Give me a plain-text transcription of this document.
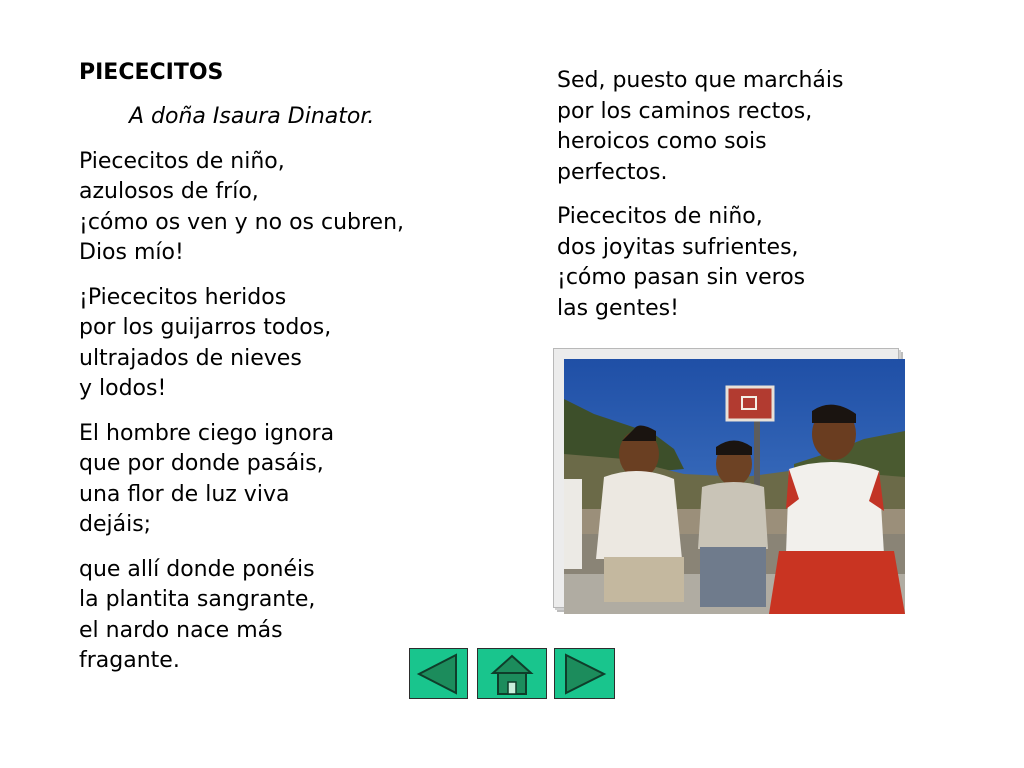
PIECECITOS
A doña Isaura Dinator.
Piececitos de niño,
azulosos de frío,
¡cómo os ven y no os cubren,
Dios mío!
¡Piececitos heridos
por los guijarros todos,
ultrajados de nieves
y lodos!
El hombre ciego ignora
que por donde pasáis,
una flor de luz viva
dejáis;
que allí donde ponéis
la plantita sangrante,
el nardo nace más
fragante.
Sed, puesto que marcháis
por los caminos rectos,
heroicos como sois
perfectos.
Piececitos de niño,
dos joyitas sufrientes,
¡cómo pasan sin veros
las gentes!
